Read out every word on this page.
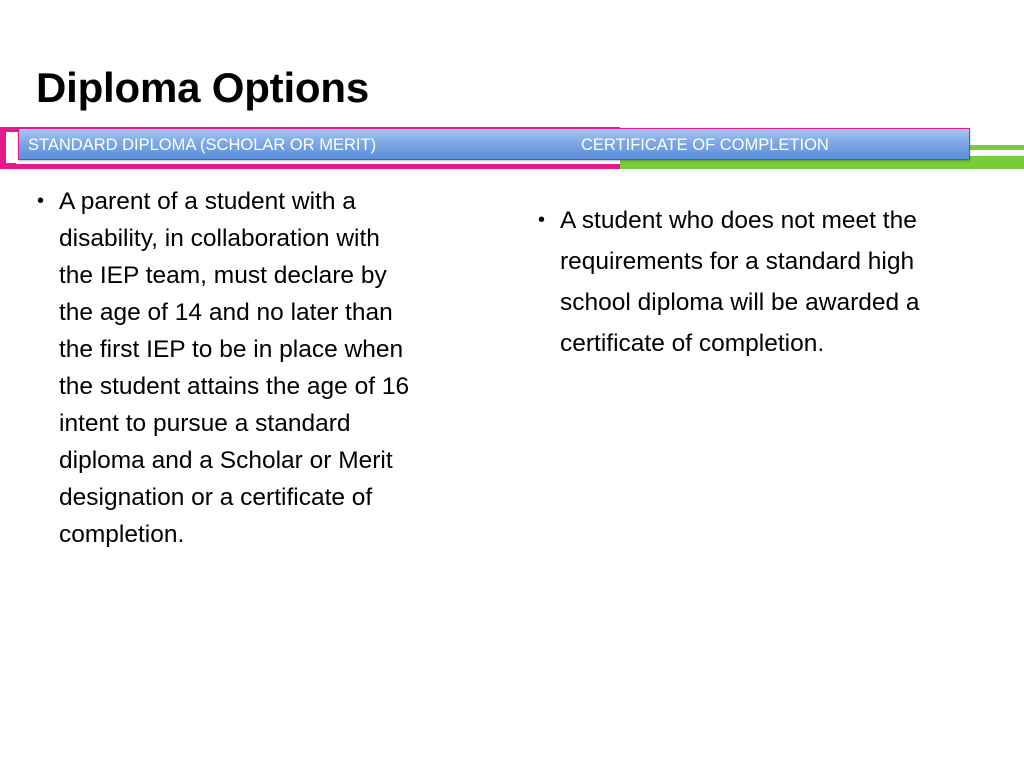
Diploma Options
STANDARD DIPLOMA (SCHOLAR OR MERIT)	CERTIFICATE OF COMPLETION
• A parent of a student with a disability, in collaboration with the IEP team, must declare by the age of 14 and no later than the first IEP to be in place when the student attains the age of 16 intent to pursue a standard diploma and a Scholar or Merit designation or a certificate of completion.
• A student who does not meet the requirements for a standard high school diploma will be awarded a certificate of completion.
